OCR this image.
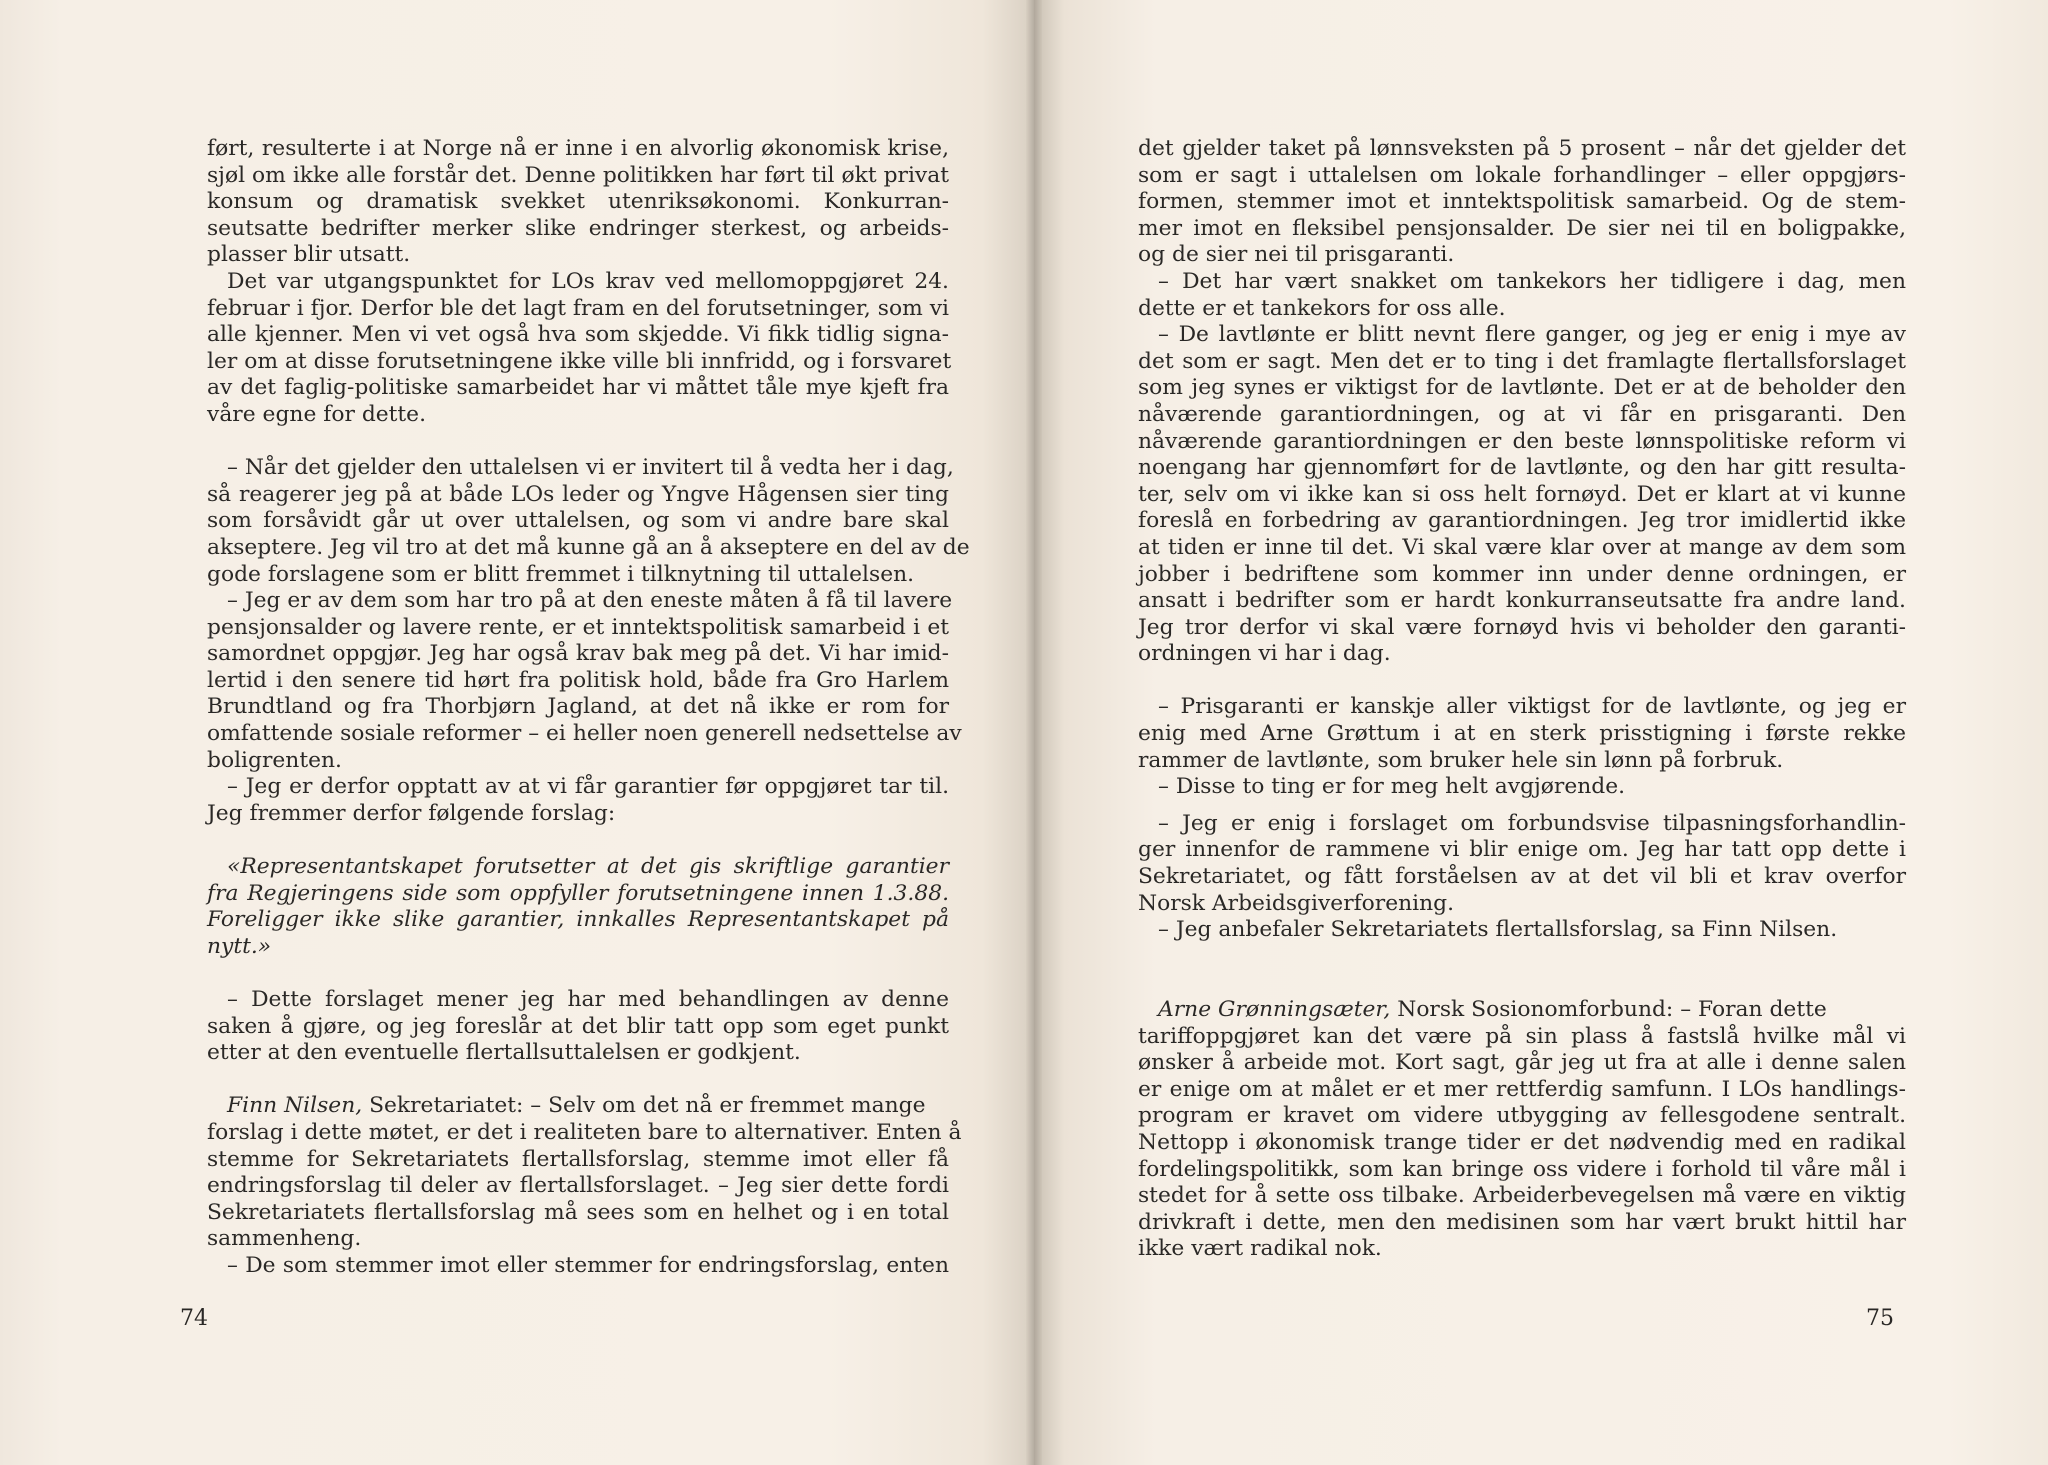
ført, resulterte i at Norge nå er inne i en alvorlig økonomisk krise,
sjøl om ikke alle forstår det. Denne politikken har ført til økt privat
konsum og dramatisk svekket utenriksøkonomi. Konkurran-
seutsatte bedrifter merker slike endringer sterkest, og arbeids-
plasser blir utsatt.
Det var utgangspunktet for LOs krav ved mellomoppgjøret 24.
februar i fjor. Derfor ble det lagt fram en del forutsetninger, som vi
alle kjenner. Men vi vet også hva som skjedde. Vi fikk tidlig signa-
ler om at disse forutsetningene ikke ville bli innfridd, og i forsvaret
av det faglig-politiske samarbeidet har vi måttet tåle mye kjeft fra
våre egne for dette.
– Når det gjelder den uttalelsen vi er invitert til å vedta her i dag,
så reagerer jeg på at både LOs leder og Yngve Hågensen sier ting
som forsåvidt går ut over uttalelsen, og som vi andre bare skal
akseptere. Jeg vil tro at det må kunne gå an å akseptere en del av de
gode forslagene som er blitt fremmet i tilknytning til uttalelsen.
– Jeg er av dem som har tro på at den eneste måten å få til lavere
pensjonsalder og lavere rente, er et inntektspolitisk samarbeid i et
samordnet oppgjør. Jeg har også krav bak meg på det. Vi har imid-
lertid i den senere tid hørt fra politisk hold, både fra Gro Harlem
Brundtland og fra Thorbjørn Jagland, at det nå ikke er rom for
omfattende sosiale reformer – ei heller noen generell nedsettelse av
boligrenten.
– Jeg er derfor opptatt av at vi får garantier før oppgjøret tar til.
Jeg fremmer derfor følgende forslag:
«Representantskapet forutsetter at det gis skriftlige garantier
fra Regjeringens side som oppfyller forutsetningene innen 1.3.88.
Foreligger ikke slike garantier, innkalles Representantskapet på
nytt.»
– Dette forslaget mener jeg har med behandlingen av denne
saken å gjøre, og jeg foreslår at det blir tatt opp som eget punkt
etter at den eventuelle flertallsuttalelsen er godkjent.
Finn Nilsen, Sekretariatet: – Selv om det nå er fremmet mange
forslag i dette møtet, er det i realiteten bare to alternativer. Enten å
stemme for Sekretariatets flertallsforslag, stemme imot eller få
endringsforslag til deler av flertallsforslaget. – Jeg sier dette fordi
Sekretariatets flertallsforslag må sees som en helhet og i en total
sammenheng.
– De som stemmer imot eller stemmer for endringsforslag, enten
74
det gjelder taket på lønnsveksten på 5 prosent – når det gjelder det
som er sagt i uttalelsen om lokale forhandlinger – eller oppgjørs-
formen, stemmer imot et inntektspolitisk samarbeid. Og de stem-
mer imot en fleksibel pensjonsalder. De sier nei til en boligpakke,
og de sier nei til prisgaranti.
– Det har vært snakket om tankekors her tidligere i dag, men
dette er et tankekors for oss alle.
– De lavtlønte er blitt nevnt flere ganger, og jeg er enig i mye av
det som er sagt. Men det er to ting i det framlagte flertallsforslaget
som jeg synes er viktigst for de lavtlønte. Det er at de beholder den
nåværende garantiordningen, og at vi får en prisgaranti. Den
nåværende garantiordningen er den beste lønnspolitiske reform vi
noengang har gjennomført for de lavtlønte, og den har gitt resulta-
ter, selv om vi ikke kan si oss helt fornøyd. Det er klart at vi kunne
foreslå en forbedring av garantiordningen. Jeg tror imidlertid ikke
at tiden er inne til det. Vi skal være klar over at mange av dem som
jobber i bedriftene som kommer inn under denne ordningen, er
ansatt i bedrifter som er hardt konkurranseutsatte fra andre land.
Jeg tror derfor vi skal være fornøyd hvis vi beholder den garanti-
ordningen vi har i dag.
– Prisgaranti er kanskje aller viktigst for de lavtlønte, og jeg er
enig med Arne Grøttum i at en sterk prisstigning i første rekke
rammer de lavtlønte, som bruker hele sin lønn på forbruk.
– Disse to ting er for meg helt avgjørende.
– Jeg er enig i forslaget om forbundsvise tilpasningsforhandlin-
ger innenfor de rammene vi blir enige om. Jeg har tatt opp dette i
Sekretariatet, og fått forståelsen av at det vil bli et krav overfor
Norsk Arbeidsgiverforening.
– Jeg anbefaler Sekretariatets flertallsforslag, sa Finn Nilsen.
Arne Grønningsæter, Norsk Sosionomforbund: – Foran dette
tariffoppgjøret kan det være på sin plass å fastslå hvilke mål vi
ønsker å arbeide mot. Kort sagt, går jeg ut fra at alle i denne salen
er enige om at målet er et mer rettferdig samfunn. I LOs handlings-
program er kravet om videre utbygging av fellesgodene sentralt.
Nettopp i økonomisk trange tider er det nødvendig med en radikal
fordelingspolitikk, som kan bringe oss videre i forhold til våre mål i
stedet for å sette oss tilbake. Arbeiderbevegelsen må være en viktig
drivkraft i dette, men den medisinen som har vært brukt hittil har
ikke vært radikal nok.
75
